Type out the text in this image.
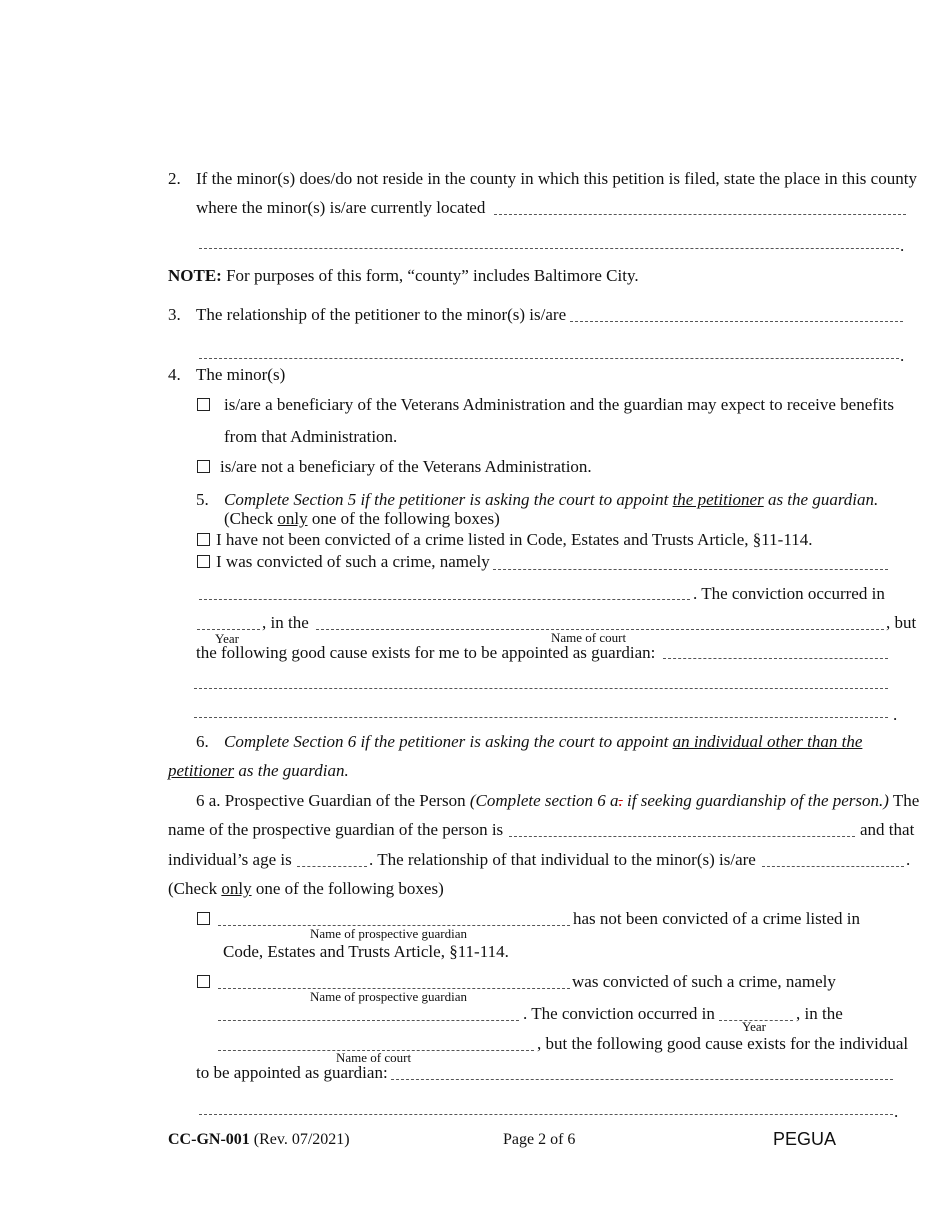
2. If the minor(s) does/do not reside in the county in which this petition is filed, state the place in this county
where the minor(s) is/are currently located
.
NOTE: For purposes of this form, “county” includes Baltimore City.
3. The relationship of the petitioner to the minor(s) is/are
.
4. The minor(s)
is/are a beneficiary of the Veterans Administration and the guardian may expect to receive benefits
from that Administration.
is/are not a beneficiary of the Veterans Administration.
5. Complete Section 5 if the petitioner is asking the court to appoint the petitioner as the guardian.
(Check only one of the following boxes)
I have not been convicted of a crime listed in Code, Estates and Trusts Article, §11-114.
I was convicted of such a crime, namely
. The conviction occurred in
, in the	, but
Year	Name of court
the following good cause exists for me to be appointed as guardian:
.
6. Complete Section 6 if the petitioner is asking the court to appoint an individual other than the
petitioner as the guardian.
6 a. Prospective Guardian of the Person (Complete section 6 a. if seeking guardianship of the person.) The
name of the prospective guardian of the person is	and that
individual’s age is	. The relationship of that individual to the minor(s) is/are	.
(Check only one of the following boxes)
has not been convicted of a crime listed in
Name of prospective guardian
Code, Estates and Trusts Article, §11-114.
was convicted of such a crime, namely
Name of prospective guardian
. The conviction occurred in	, in the
Year
, but the following good cause exists for the individual
Name of court
to be appointed as guardian:
.
CC-GN-001 (Rev. 07/2021)	Page 2 of 6	PEGUA
